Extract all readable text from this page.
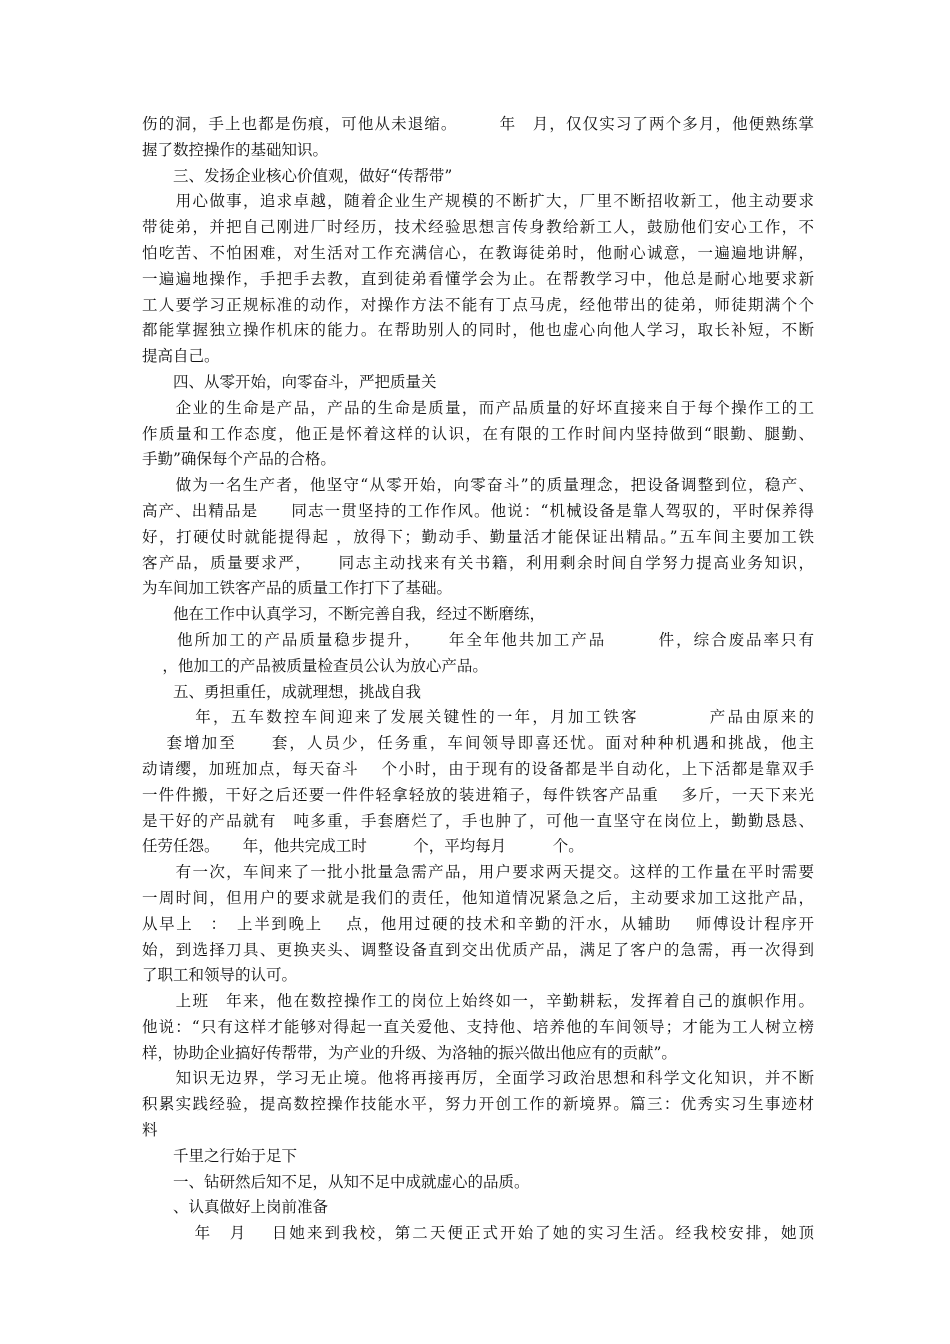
伤的洞，手上也都是伤痕，可他从未退缩。　　　年　月，仅仅实习了两个多月，他便熟练掌
握了数控操作的基础知识。
　　三、发扬企业核心价值观，做好“传帮带”
　　用心做事，追求卓越，随着企业生产规模的不断扩大，厂里不断招收新工，他主动要求
带徒弟，并把自己刚进厂时经历，技术经验思想言传身教给新工人，鼓励他们安心工作，不
怕吃苦、不怕困难，对生活对工作充满信心，在教诲徒弟时，他耐心诚意，一遍遍地讲解，
一遍遍地操作，手把手去教，直到徒弟看懂学会为止。在帮教学习中，他总是耐心地要求新
工人要学习正规标准的动作，对操作方法不能有丁点马虎，经他带出的徒弟，师徒期满个个
都能掌握独立操作机床的能力。在帮助别人的同时，他也虚心向他人学习，取长补短，不断
提高自己。
　　四、从零开始，向零奋斗，严把质量关
　　企业的生命是产品，产品的生命是质量，而产品质量的好坏直接来自于每个操作工的工
作质量和工作态度，他正是怀着这样的认识，在有限的工作时间内坚持做到“眼勤、腿勤、
手勤”确保每个产品的合格。
　　做为一名生产者，他坚守“从零开始，向零奋斗”的质量理念，把设备调整到位，稳产、
高产、出精品是　　同志一贯坚持的工作作风。他说：“机械设备是靠人驾驭的，平时保养得
好，打硬仗时就能提得起 ，放得下；勤动手、勤量活才能保证出精品。”五车间主要加工铁
客产品，质量要求严，　　同志主动找来有关书籍，利用剩余时间自学努力提高业务知识，
为车间加工铁客产品的质量工作打下了基础。
　　他在工作中认真学习，不断完善自我，经过不断磨练，
　　他所加工的产品质量稳步提升，　　年全年他共加工产品　　　件，综合废品率只有
　 ，他加工的产品被质量检查员公认为放心产品。
　　五、勇担重任，成就理想，挑战自我
　　　年，五车数控车间迎来了发展关键性的一年，月加工铁客　　　　产品由原来的
　 套增加至　　套，人员少，任务重，车间领导即喜还忧。面对种种机遇和挑战，他主
动请缨，加班加点，每天奋斗　 个小时，由于现有的设备都是半自动化，上下活都是靠双手
一件件搬，干好之后还要一件件轻拿轻放的装进箱子，每件铁客产品重　 多斤，一天下来光
是干好的产品就有　吨多重，手套磨烂了，手也肿了，可他一直坚守在岗位上，勤勤恳恳、
任劳任怨。　　年，他共完成工时　　　个，平均每月　　　个。
　　有一次，车间来了一批小批量急需产品，用户要求两天提交。这样的工作量在平时需要
一周时间，但用户的要求就是我们的责任，他知道情况紧急之后，主动要求加工这批产品，
从早上　：　上半到晚上　 点，他用过硬的技术和辛勤的汗水，从辅助　 师傅设计程序开
始，到选择刀具、更换夹头、调整设备直到交出优质产品，满足了客户的急需，再一次得到
了职工和领导的认可。
　　上班　年来，他在数控操作工的岗位上始终如一，辛勤耕耘，发挥着自己的旗帜作用。
他说：“只有这样才能够对得起一直关爱他、支持他、培养他的车间领导；才能为工人树立榜
样，协助企业搞好传帮带，为产业的升级、为洛轴的振兴做出他应有的贡献”。
　　知识无边界，学习无止境。他将再接再厉，全面学习政治思想和科学文化知识，并不断
积累实践经验，提高数控操作技能水平，努力开创工作的新境界。篇三：优秀实习生事迹材
料
　　千里之行始于足下
　　一、钻研然后知不足，从知不足中成就虚心的品质。
　　、认真做好上岗前准备
　　　年　月　 日她来到我校，第二天便正式开始了她的实习生活。经我校安排，她顶
